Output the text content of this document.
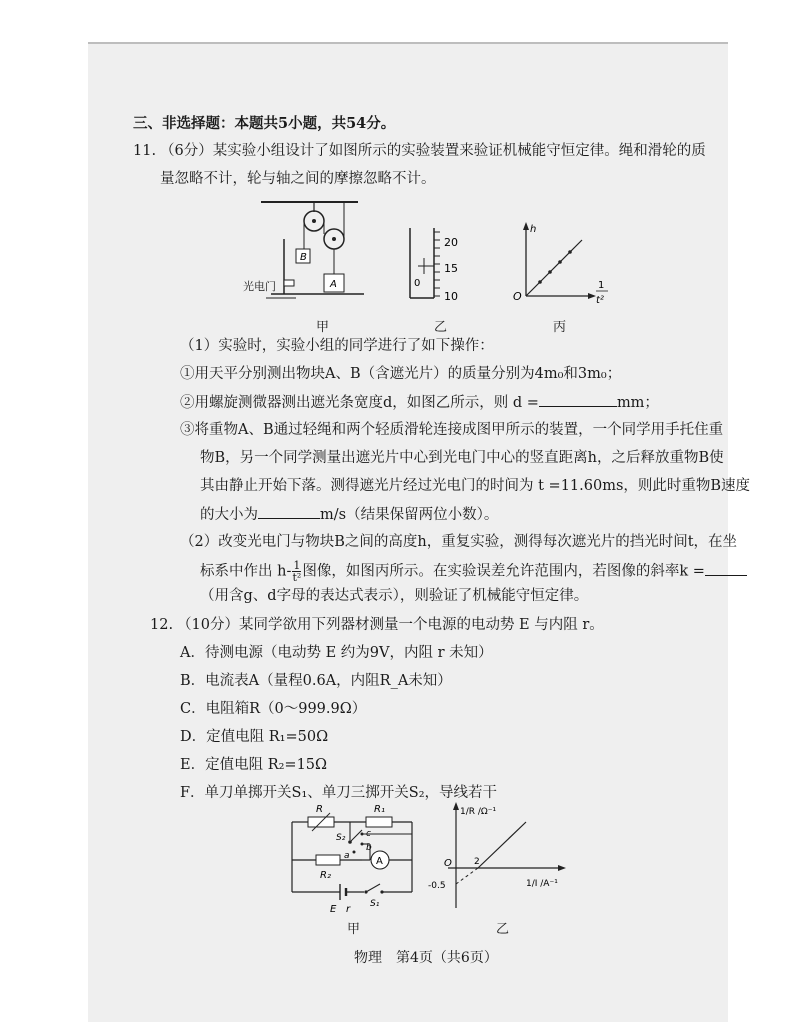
三、非选择题：本题共5小题，共54分。
11. （6分）某实验小组设计了如图所示的实验装置来验证机械能守恒定律。绳和滑轮的质
量忽略不计，轮与轴之间的摩擦忽略不计。
B
A
光电门
甲
20
15
10
0
乙
h
O
1
t²
丙
（1）实验时，实验小组的同学进行了如下操作：
①用天平分别测出物块A、B（含遮光片）的质量分别为4m₀和3m₀；
②用螺旋测微器测出遮光条宽度d，如图乙所示，则 d =	mm；
③将重物A、B通过轻绳和两个轻质滑轮连接成图甲所示的装置，一个同学用手托住重
物B，另一个同学测量出遮光片中心到光电门中心的竖直距离h，之后释放重物B使
其由静止开始下落。测得遮光片经过光电门的时间为 t =11.60ms，则此时重物B速度
的大小为	m/s（结果保留两位小数）。
（2）改变光电门与物块B之间的高度h，重复实验，测得每次遮光片的挡光时间t，在坐
标系中作出 $h- \frac{1}{\text{t²}}$ 图像，如图丙所示。在实验误差允许范围内，若图像的斜率k =
（用含g、d字母的表达式表示），则验证了机械能守恒定律。
12. （10分）某同学欲用下列器材测量一个电源的电动势 E 与内阻 r。
A．待测电源（电动势 E 约为9V，内阻 r 未知）
B．电流表A（量程0.6A，内阻R_A未知）
C．电阻箱R（0～999.9Ω）
D．定值电阻 R₁=50Ω
E．定值电阻 R₂=15Ω
F．单刀单掷开关S₁、单刀三掷开关S₂，导线若干
R	R₁
R₂
S₂ c
b
a	A
S₁
E r
甲
1/R /Ω⁻¹
O 2
-0.5	1/I /A⁻¹
乙
物理　第4页（共6页）
